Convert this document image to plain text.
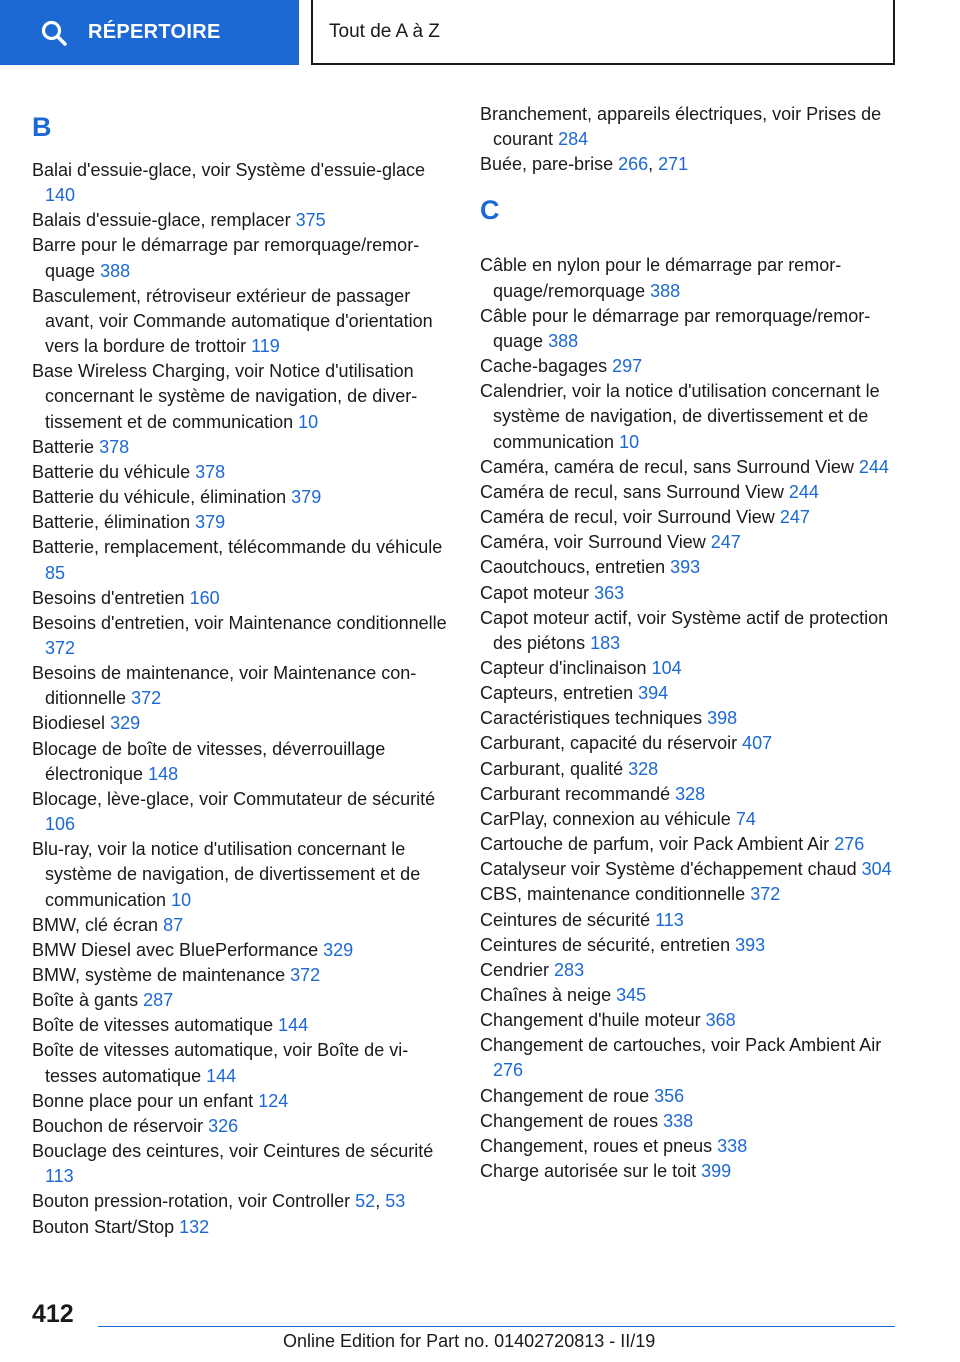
RÉPERTOIRE	Tout de A à Z
B
Balai d'essuie-glace, voir Système d'essuie-glace 140
Balais d'essuie-glace, remplacer 375
Barre pour le démarrage par remorquage/remorquage 388
Basculement, rétroviseur extérieur de passager avant, voir Commande automatique d'orientation vers la bordure de trottoir 119
Base Wireless Charging, voir Notice d'utilisation concernant le système de navigation, de divertissement et de communication 10
Batterie 378
Batterie du véhicule 378
Batterie du véhicule, élimination 379
Batterie, élimination 379
Batterie, remplacement, télécommande du véhicule 85
Besoins d'entretien 160
Besoins d'entretien, voir Maintenance conditionnelle 372
Besoins de maintenance, voir Maintenance conditionnelle 372
Biodiesel 329
Blocage de boîte de vitesses, déverrouillage électronique 148
Blocage, lève-glace, voir Commutateur de sécurité 106
Blu-ray, voir la notice d'utilisation concernant le système de navigation, de divertissement et de communication 10
BMW, clé écran 87
BMW Diesel avec BluePerformance 329
BMW, système de maintenance 372
Boîte à gants 287
Boîte de vitesses automatique 144
Boîte de vitesses automatique, voir Boîte de vitesses automatique 144
Bonne place pour un enfant 124
Bouchon de réservoir 326
Bouclage des ceintures, voir Ceintures de sécurité 113
Bouton pression-rotation, voir Controller 52, 53
Bouton Start/Stop 132
Branchement, appareils électriques, voir Prises de courant 284
Buée, pare-brise 266, 271
C
Câble en nylon pour le démarrage par remorquage/remorquage 388
Câble pour le démarrage par remorquage/remorquage 388
Cache-bagages 297
Calendrier, voir la notice d'utilisation concernant le système de navigation, de divertissement et de communication 10
Caméra, caméra de recul, sans Surround View 244
Caméra de recul, sans Surround View 244
Caméra de recul, voir Surround View 247
Caméra, voir Surround View 247
Caoutchoucs, entretien 393
Capot moteur 363
Capot moteur actif, voir Système actif de protection des piétons 183
Capteur d'inclinaison 104
Capteurs, entretien 394
Caractéristiques techniques 398
Carburant, capacité du réservoir 407
Carburant, qualité 328
Carburant recommandé 328
CarPlay, connexion au véhicule 74
Cartouche de parfum, voir Pack Ambient Air 276
Catalyseur voir Système d'échappement chaud 304
CBS, maintenance conditionnelle 372
Ceintures de sécurité 113
Ceintures de sécurité, entretien 393
Cendrier 283
Chaînes à neige 345
Changement d'huile moteur 368
Changement de cartouches, voir Pack Ambient Air 276
Changement de roue 356
Changement de roues 338
Changement, roues et pneus 338
Charge autorisée sur le toit 399
412
Online Edition for Part no. 01402720813 - II/19
